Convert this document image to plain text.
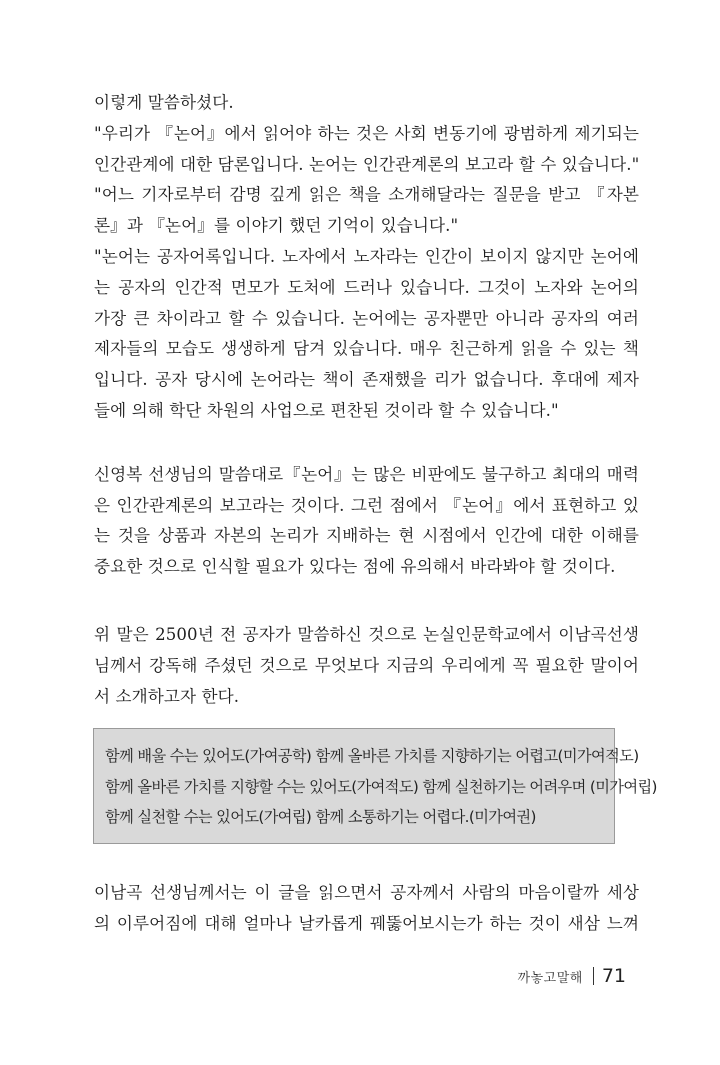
이렇게 말씀하셨다.
"우리가 『논어』에서 읽어야 하는 것은 사회 변동기에 광범하게 제기되는
인간관계에 대한 담론입니다. 논어는 인간관계론의 보고라 할 수 있습니다."
"어느 기자로부터 감명 깊게 읽은 책을 소개해달라는 질문을 받고 『자본
론』과 『논어』를 이야기 했던 기억이 있습니다."
"논어는 공자어록입니다. 노자에서 노자라는 인간이 보이지 않지만 논어에
는 공자의 인간적 면모가 도처에 드러나 있습니다. 그것이 노자와 논어의
가장 큰 차이라고 할 수 있습니다. 논어에는 공자뿐만 아니라 공자의 여러
제자들의 모습도 생생하게 담겨 있습니다. 매우 친근하게 읽을 수 있는 책
입니다. 공자 당시에 논어라는 책이 존재했을 리가 없습니다. 후대에 제자
들에 의해 학단 차원의 사업으로 편찬된 것이라 할 수 있습니다."
신영복 선생님의 말씀대로『논어』는 많은 비판에도 불구하고 최대의 매력
은 인간관계론의 보고라는 것이다. 그런 점에서 『논어』에서 표현하고 있
는 것을 상품과 자본의 논리가 지배하는 현 시점에서 인간에 대한 이해를
중요한 것으로 인식할 필요가 있다는 점에 유의해서 바라봐야 할 것이다.
위 말은 2500년 전 공자가 말씀하신 것으로 논실인문학교에서 이남곡선생
님께서 강독해 주셨던 것으로 무엇보다 지금의 우리에게 꼭 필요한 말이어
서 소개하고자 한다.
함께 배울 수는 있어도(가여공학) 함께 올바른 가치를 지향하기는 어렵고(미가여적도)
함께 올바른 가치를 지향할 수는 있어도(가여적도) 함께 실천하기는 어려우며 (미가여립)
함께 실천할 수는 있어도(가여립) 함께 소통하기는 어렵다.(미가여권)
이남곡 선생님께서는 이 글을 읽으면서 공자께서 사람의 마음이랄까 세상
의 이루어짐에 대해 얼마나 날카롭게 꿰뚫어보시는가 하는 것이 새삼 느껴
까놓고말해 71
